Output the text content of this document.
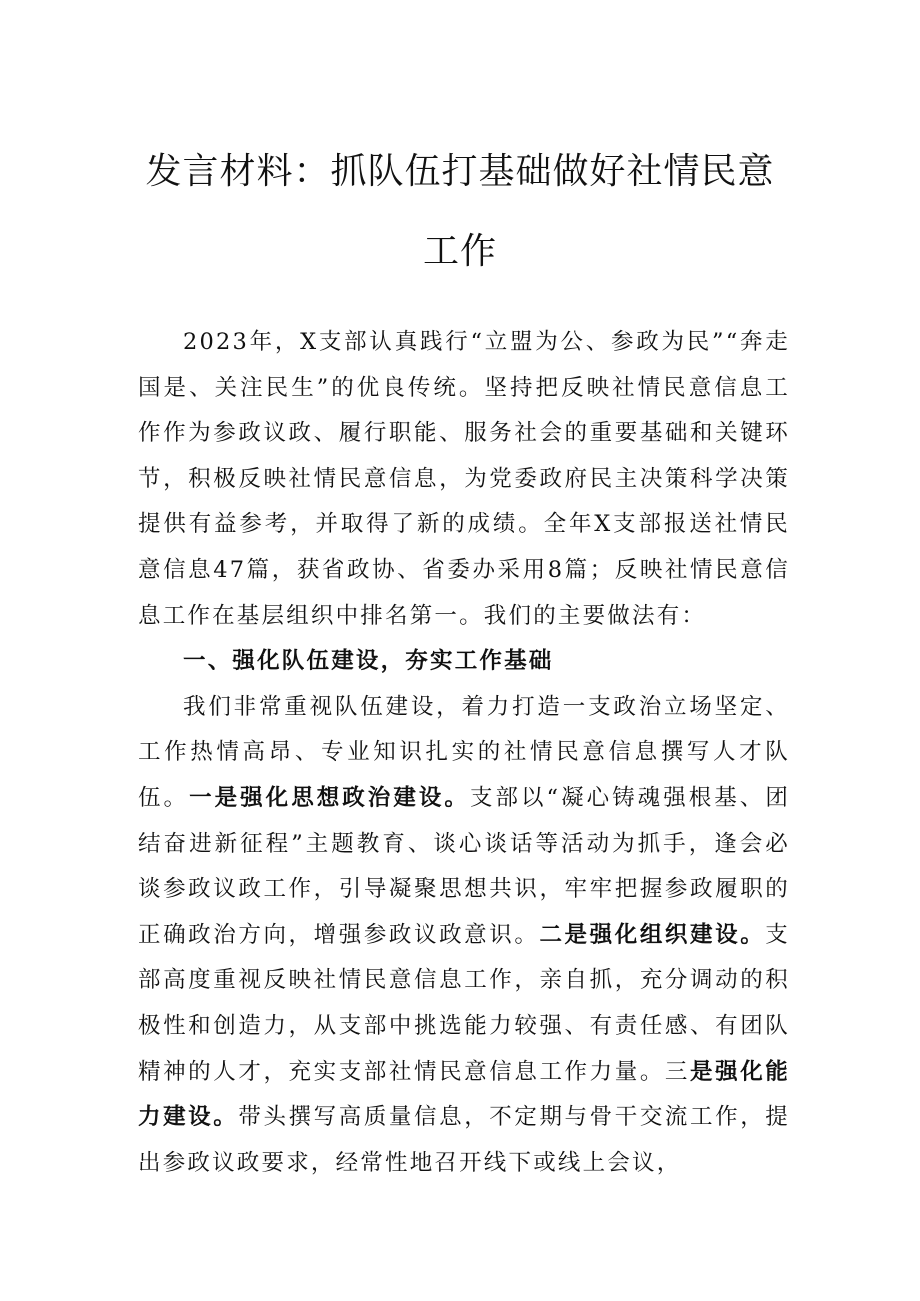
发言材料：抓队伍打基础做好社情民意
工作

2023年，X支部认真践行“立盟为公、参政为民”“奔走国是、关注民生”的优良传统。坚持把反映社情民意信息工作作为参政议政、履行职能、服务社会的重要基础和关键环节，积极反映社情民意信息，为党委政府民主决策科学决策提供有益参考，并取得了新的成绩。全年X支部报送社情民意信息47篇，获省政协、省委办采用8篇；反映社情民意信息工作在基层组织中排名第一。我们的主要做法有：

一、强化队伍建设，夯实工作基础

我们非常重视队伍建设，着力打造一支政治立场坚定、工作热情高昂、专业知识扎实的社情民意信息撰写人才队伍。一是强化思想政治建设。支部以“凝心铸魂强根基、团结奋进新征程”主题教育、谈心谈话等活动为抓手，逢会必谈参政议政工作，引导凝聚思想共识，牢牢把握参政履职的正确政治方向，增强参政议政意识。二是强化组织建设。支部高度重视反映社情民意信息工作，亲自抓，充分调动的积极性和创造力，从支部中挑选能力较强、有责任感、有团队精神的人才，充实支部社情民意信息工作力量。三是强化能力建设。带头撰写高质量信息，不定期与骨干交流工作，提出参政议政要求，经常性地召开线下或线上会议，
